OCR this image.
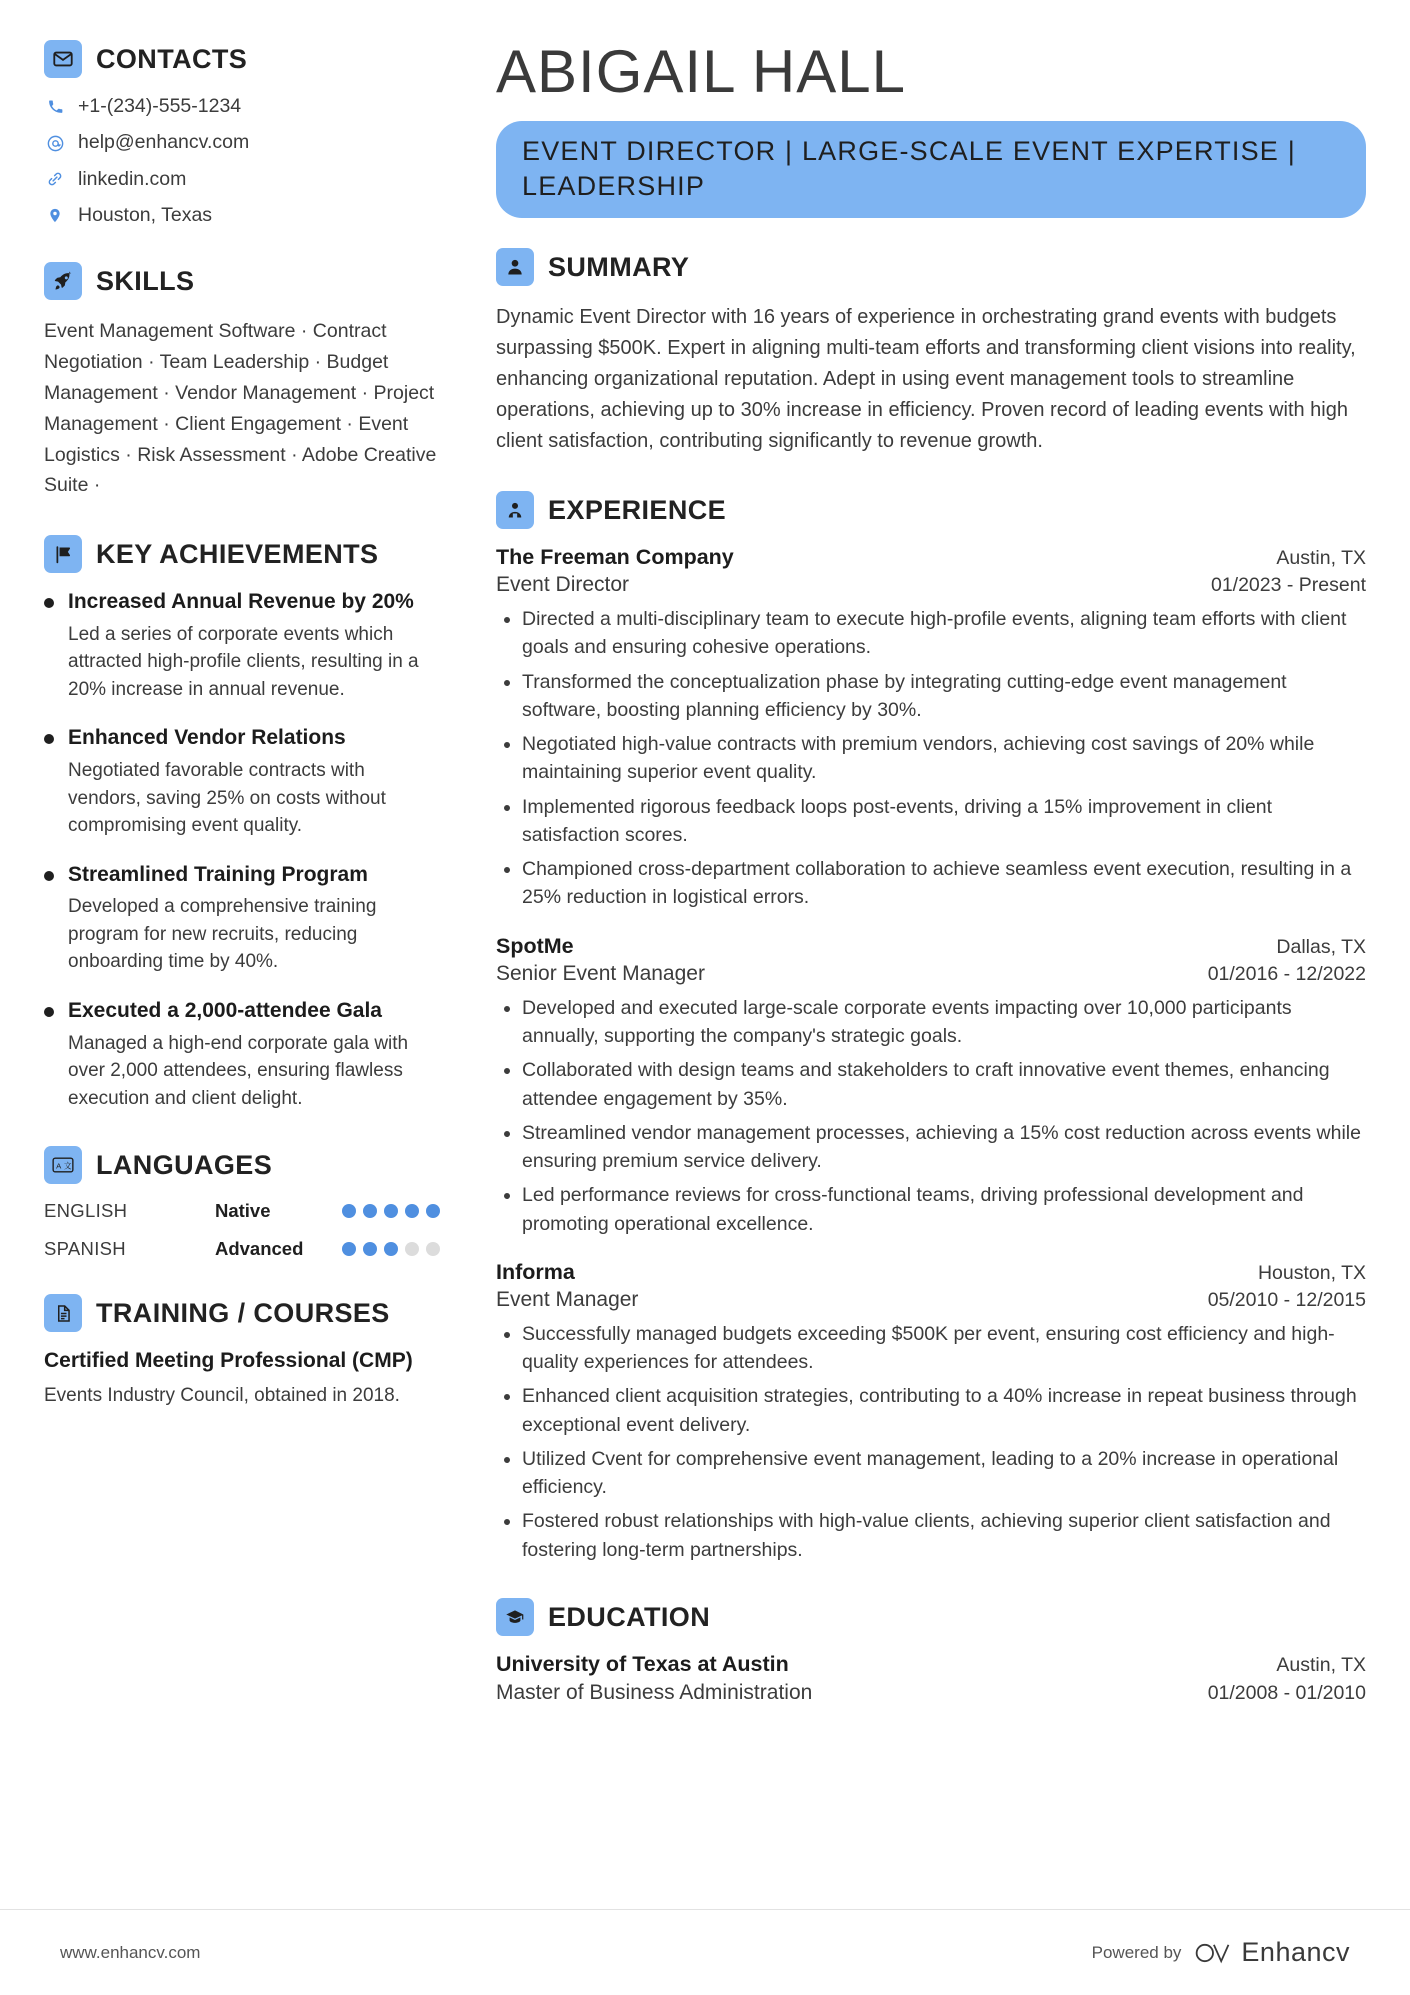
CONTACTS
+1-(234)-555-1234
help@enhancv.com
linkedin.com
Houston, Texas
SKILLS
Event Management Software · Contract Negotiation · Team Leadership · Budget Management · Vendor Management · Project Management · Client Engagement · Event Logistics · Risk Assessment · Adobe Creative Suite ·
KEY ACHIEVEMENTS
Increased Annual Revenue by 20%
Led a series of corporate events which attracted high-profile clients, resulting in a 20% increase in annual revenue.
Enhanced Vendor Relations
Negotiated favorable contracts with vendors, saving 25% on costs without compromising event quality.
Streamlined Training Program
Developed a comprehensive training program for new recruits, reducing onboarding time by 40%.
Executed a 2,000-attendee Gala
Managed a high-end corporate gala with over 2,000 attendees, ensuring flawless execution and client delight.
A 文 LANGUAGES
ENGLISH	Native
SPANISH	Advanced
TRAINING / COURSES
Certified Meeting Professional (CMP)
Events Industry Council, obtained in 2018.
ABIGAIL HALL
EVENT DIRECTOR | LARGE-SCALE EVENT EXPERTISE | LEADERSHIP
SUMMARY

Dynamic Event Director with 16 years of experience in orchestrating grand events with budgets surpassing $500K. Expert in aligning multi-team efforts and transforming client visions into reality, enhancing organizational reputation. Adept in using event management tools to streamline operations, achieving up to 30% increase in efficiency. Proven record of leading events with high client satisfaction, contributing significantly to revenue growth.

EXPERIENCE
The Freeman Company	Austin, TX
Event Director	01/2023 - Present
• Directed a multi-disciplinary team to execute high-profile events, aligning team efforts with client goals and ensuring cohesive operations.
• Transformed the conceptualization phase by integrating cutting-edge event management software, boosting planning efficiency by 30%.
• Negotiated high-value contracts with premium vendors, achieving cost savings of 20% while maintaining superior event quality.
• Implemented rigorous feedback loops post-events, driving a 15% improvement in client satisfaction scores.
• Championed cross-department collaboration to achieve seamless event execution, resulting in a 25% reduction in logistical errors.
SpotMe	Dallas, TX
Senior Event Manager	01/2016 - 12/2022
• Developed and executed large-scale corporate events impacting over 10,000 participants annually, supporting the company's strategic goals.
• Collaborated with design teams and stakeholders to craft innovative event themes, enhancing attendee engagement by 35%.
• Streamlined vendor management processes, achieving a 15% cost reduction across events while ensuring premium service delivery.
• Led performance reviews for cross-functional teams, driving professional development and promoting operational excellence.
Informa	Houston, TX
Event Manager	05/2010 - 12/2015
• Successfully managed budgets exceeding $500K per event, ensuring cost efficiency and high-quality experiences for attendees.
• Enhanced client acquisition strategies, contributing to a 40% increase in repeat business through exceptional event delivery.
• Utilized Cvent for comprehensive event management, leading to a 20% increase in operational efficiency.
• Fostered robust relationships with high-value clients, achieving superior client satisfaction and fostering long-term partnerships.
EDUCATION
University of Texas at Austin	Austin, TX
Master of Business Administration	01/2008 - 01/2010
www.enhancv.com	Powered by Enhancv
